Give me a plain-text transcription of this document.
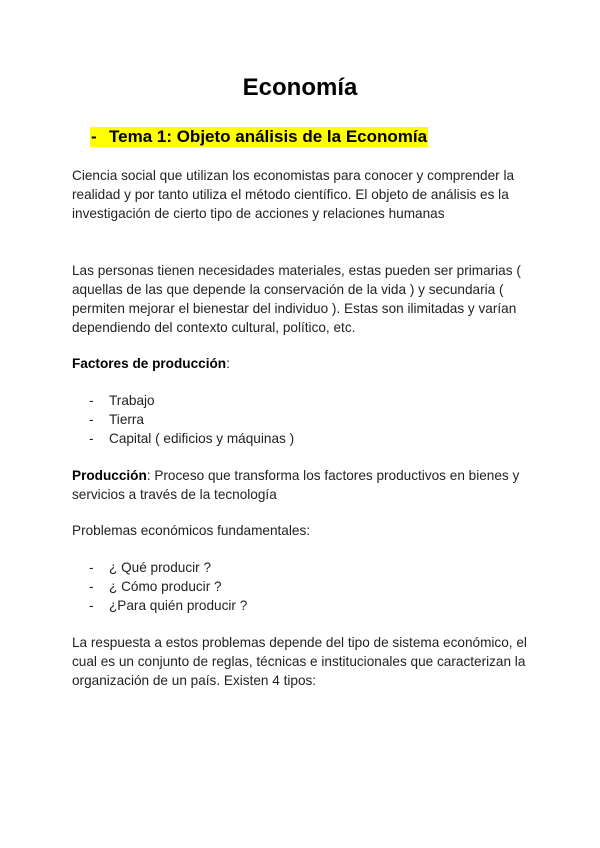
Economía
- Tema 1: Objeto análisis de la Economía

Ciencia social que utilizan los economistas para conocer y comprender la realidad y por tanto utiliza el método científico. El objeto de análisis es la investigación de cierto tipo de acciones y relaciones humanas

Las personas tienen necesidades materiales, estas pueden ser primarias ( aquellas de las que depende la conservación de la vida ) y secundaria ( permiten mejorar el bienestar del individuo ). Estas son ilimitadas y varían dependiendo del contexto cultural, político, etc.

Factores de producción:

- Trabajo
- Tierra
- Capital ( edificios y máquinas )

Producción: Proceso que transforma los factores productivos en bienes y servicios a través de la tecnología

Problemas económicos fundamentales:

- ¿ Qué producir ?
- ¿ Cómo producir ?
- ¿Para quién producir ?

La respuesta a estos problemas depende del tipo de sistema económico, el cual es un conjunto de reglas, técnicas e institucionales que caracterizan la organización de un país. Existen 4 tipos:
